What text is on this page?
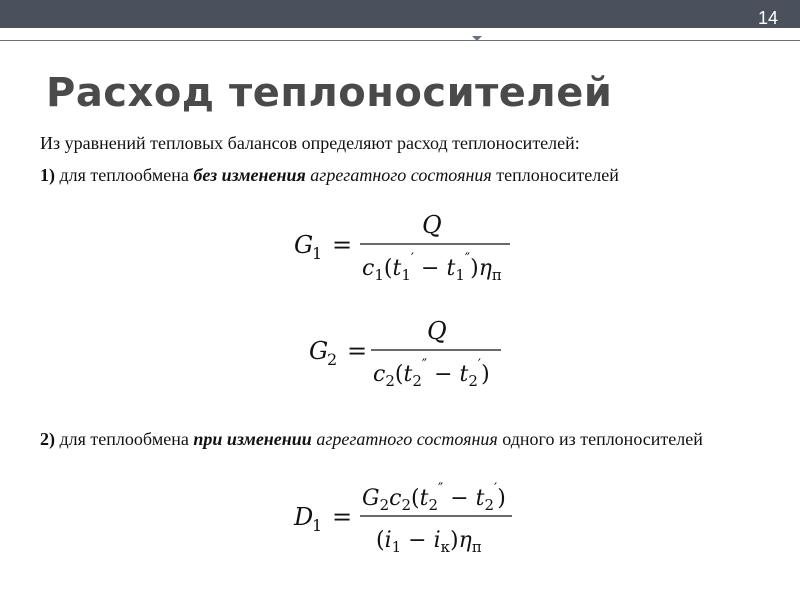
14
Расход теплоносителей
Из уравнений тепловых балансов определяют расход теплоносителей:
1) для теплообмена без изменения агрегатного состояния теплоносителей
G
1 =
Q
$c_1(t_1' - t_1'')\eta_п$
G
2 =
Q
$c_2(t_2'' - t_2')$
2) для теплообмена при изменении агрегатного состояния одного из теплоносителей
D
1 =
$G_2c_2(t_2'' - t_2')$
$(i_1 - i_к)\eta_п$
